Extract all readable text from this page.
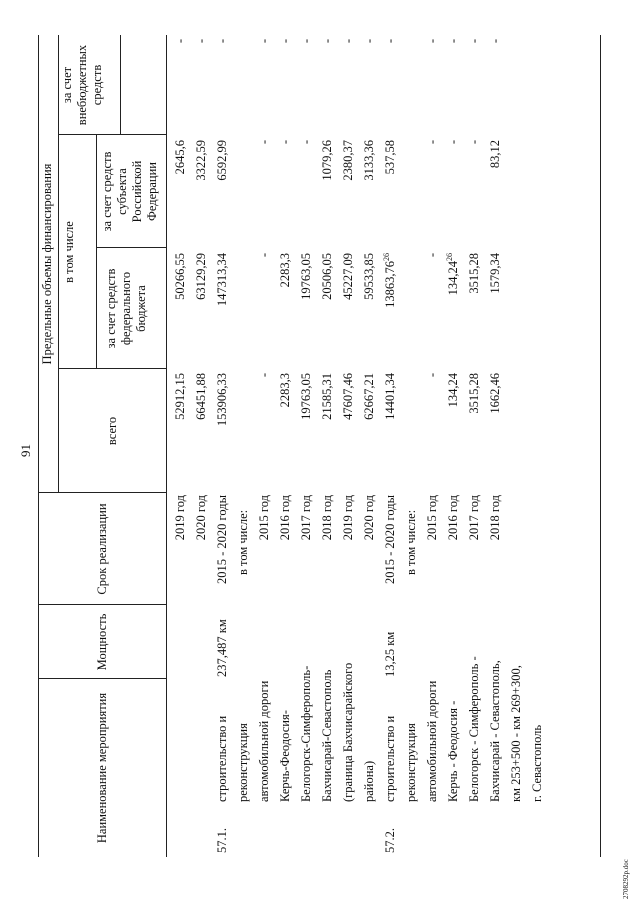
91
Наименование мероприятия
Мощность
Срок реализации
Предельные объемы финансирования
всего
в том числе
за счет средств федерального бюджета
за счет средств субъекта Российской Федерации
за счет внебюджетных средств
2019 год
52912,15
50266,55
2645,6
-
2020 год
66451,88
63129,29
3322,59
-
57.1.
строительство и реконструкция автомобильной дороги Керчь-Феодосия- Белогорск-Симферополь- Бахчисарай-Севастополь (граница Бахчисарайского района)
237,487 км
2015 - 2020 годы
153906,33
147313,34
6592,99
-
в том числе: 2015 год
-
-
-
-
2016 год
2283,3
2283,3
-
-
2017 год
19763,05
19763,05
-
-
2018 год
21585,31
20506,05
1079,26
-
2019 год
47607,46
45227,09
2380,37
-
2020 год
62667,21
59533,85
3133,36
-
57.2.
строительство и реконструкция автомобильной дороги Керчь - Феодосия - Белогорск - Симферополь - Бахчисарай - Севастополь, км 253+500 - км 269+300, г. Севастополь
13,25 км
2015 - 2020 годы
14401,34
13863,76$^{26}$
537,58
-
в том числе: 2015 год
-
-
-
-
2016 год
134,24
134,24$^{26}$
-
-
2017 год
3515,28
3515,28
-
-
2018 год
1662,46
1579,34
83,12
-
2708292р.doc
